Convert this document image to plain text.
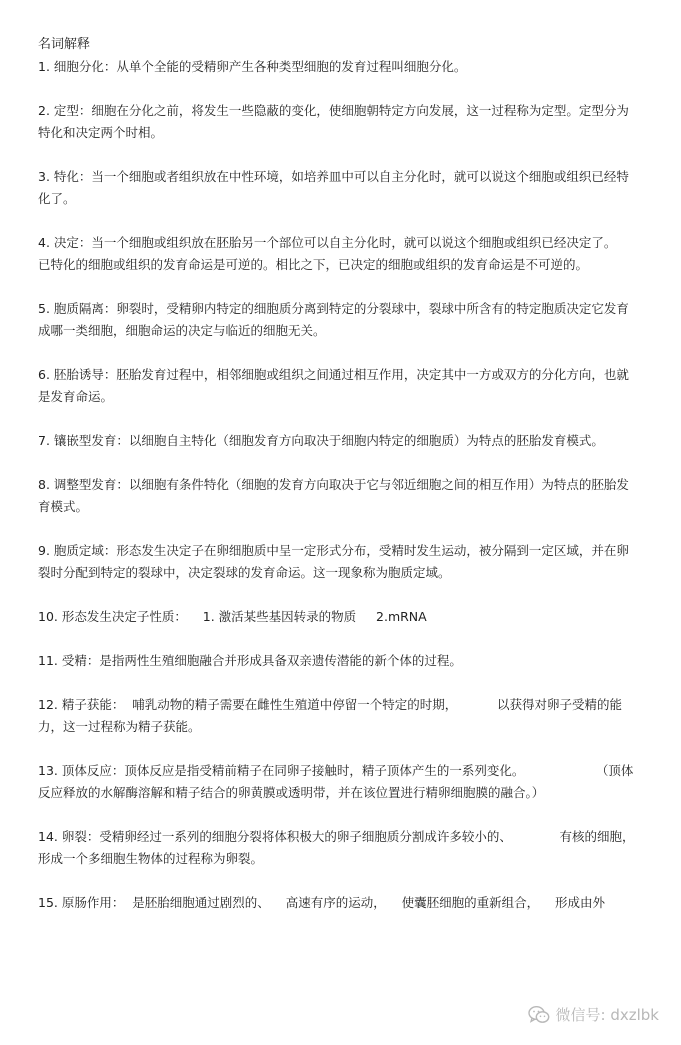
名词解释

1. 细胞分化：从单个全能的受精卵产生各种类型细胞的发育过程叫细胞分化。

2. 定型：细胞在分化之前，将发生一些隐蔽的变化，使细胞朝特定方向发展，这一过程称为定型。定型分为特化和决定两个时相。

3. 特化：当一个细胞或者组织放在中性环境，如培养皿中可以自主分化时，就可以说这个细胞或组织已经特化了。

4. 决定：当一个细胞或组织放在胚胎另一个部位可以自主分化时，就可以说这个细胞或组织已经决定了。

已特化的细胞或组织的发育命运是可逆的。相比之下，已决定的细胞或组织的发育命运是不可逆的。

5. 胞质隔离：卵裂时，受精卵内特定的细胞质分离到特定的分裂球中，裂球中所含有的特定胞质决定它发育成哪一类细胞，细胞命运的决定与临近的细胞无关。

6. 胚胎诱导：胚胎发育过程中，相邻细胞或组织之间通过相互作用，决定其中一方或双方的分化方向，也就是发育命运。

7. 镶嵌型发育：以细胞自主特化（细胞发育方向取决于细胞内特定的细胞质）为特点的胚胎发育模式。

8. 调整型发育：以细胞有条件特化（细胞的发育方向取决于它与邻近细胞之间的相互作用）为特点的胚胎发育模式。

9. 胞质定域：形态发生决定子在卵细胞质中呈一定形式分布，受精时发生运动，被分隔到一定区域，并在卵裂时分配到特定的裂球中，决定裂球的发育命运。这一现象称为胞质定域。

10. 形态发生决定子性质：    1. 激活某些基因转录的物质     2.mRNA

11. 受精：是指两性生殖细胞融合并形成具备双亲遗传潜能的新个体的过程。

12. 精子获能：  哺乳动物的精子需要在雌性生殖道中停留一个特定的时期，          以获得对卵子受精的能力，这一过程称为精子获能。

13. 顶体反应：顶体反应是指受精前精子在同卵子接触时，精子顶体产生的一系列变化。                  （顶体反应释放的水解酶溶解和精子结合的卵黄膜或透明带，并在该位置进行精卵细胞膜的融合。）

14. 卵裂：受精卵经过一系列的细胞分裂将体积极大的卵子细胞质分割成许多较小的、            有核的细胞，形成一个多细胞生物体的过程称为卵裂。

15. 原肠作用：  是胚胎细胞通过剧烈的、    高速有序的运动，    使囊胚细胞的重新组合，    形成由外

微信号: dxzlbk
